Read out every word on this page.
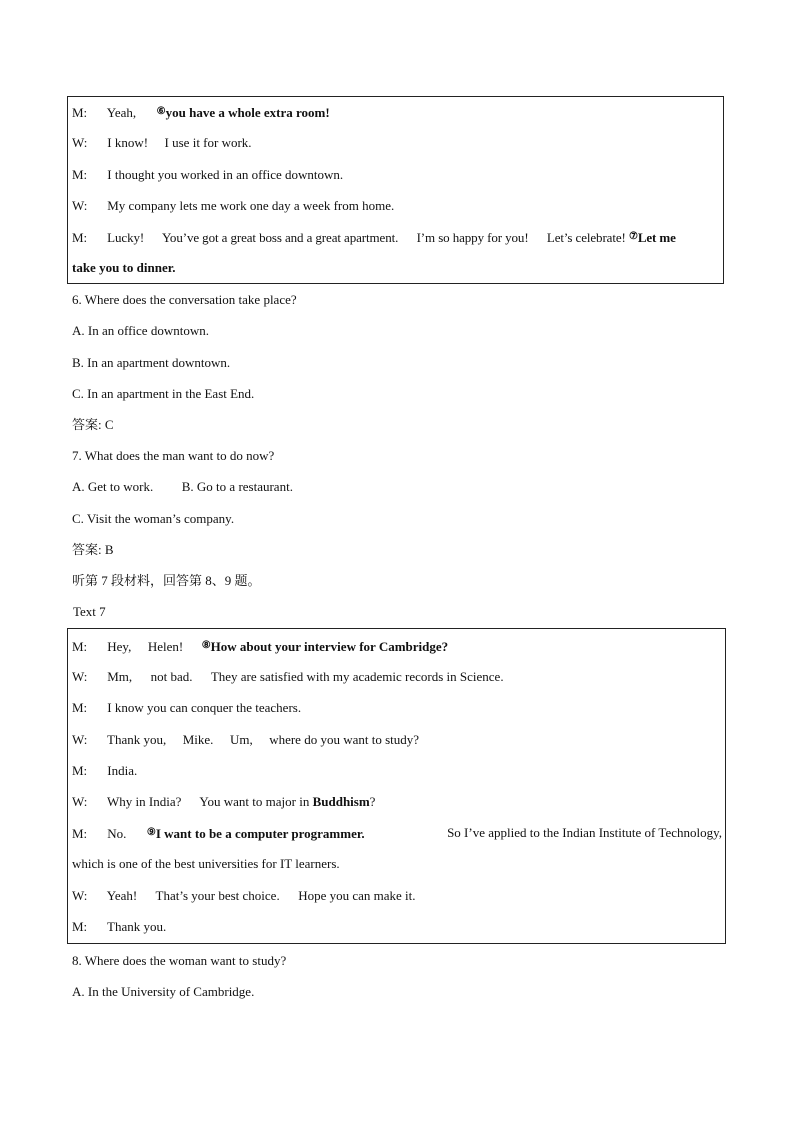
M: Yeah, ⑥you have a whole extra room!
W: I know! I use it for work.
M: I thought you worked in an office downtown.
W: My company lets me work one day a week from home.
M: Lucky! You’ve got a great boss and a great apartment. I’m so happy for you! Let’s celebrate! ⑦Let me
take you to dinner.
6. Where does the conversation take place?
A. In an office downtown.
B. In an apartment downtown.
C. In an apartment in the East End.
答案: C
7. What does the man want to do now?
A. Get to work. B. Go to a restaurant.
C. Visit the woman’s company.
答案: B
听第 7 段材料，回答第 8、9 题。
Text 7
M: Hey, Helen! ⑧How about your interview for Cambridge?
W: Mm, not bad. They are satisfied with my academic records in Science.
M: I know you can conquer the teachers.
W: Thank you, Mike. Um, where do you want to study?
M: India.
W: Why in India? You want to major in Buddhism?
M: No. ⑨I want to be a computer programmer.	So I’ve applied to the Indian Institute of Technology,
which is one of the best universities for IT learners.
W: Yeah! That’s your best choice. Hope you can make it.
M: Thank you.
8. Where does the woman want to study?
A. In the University of Cambridge.
